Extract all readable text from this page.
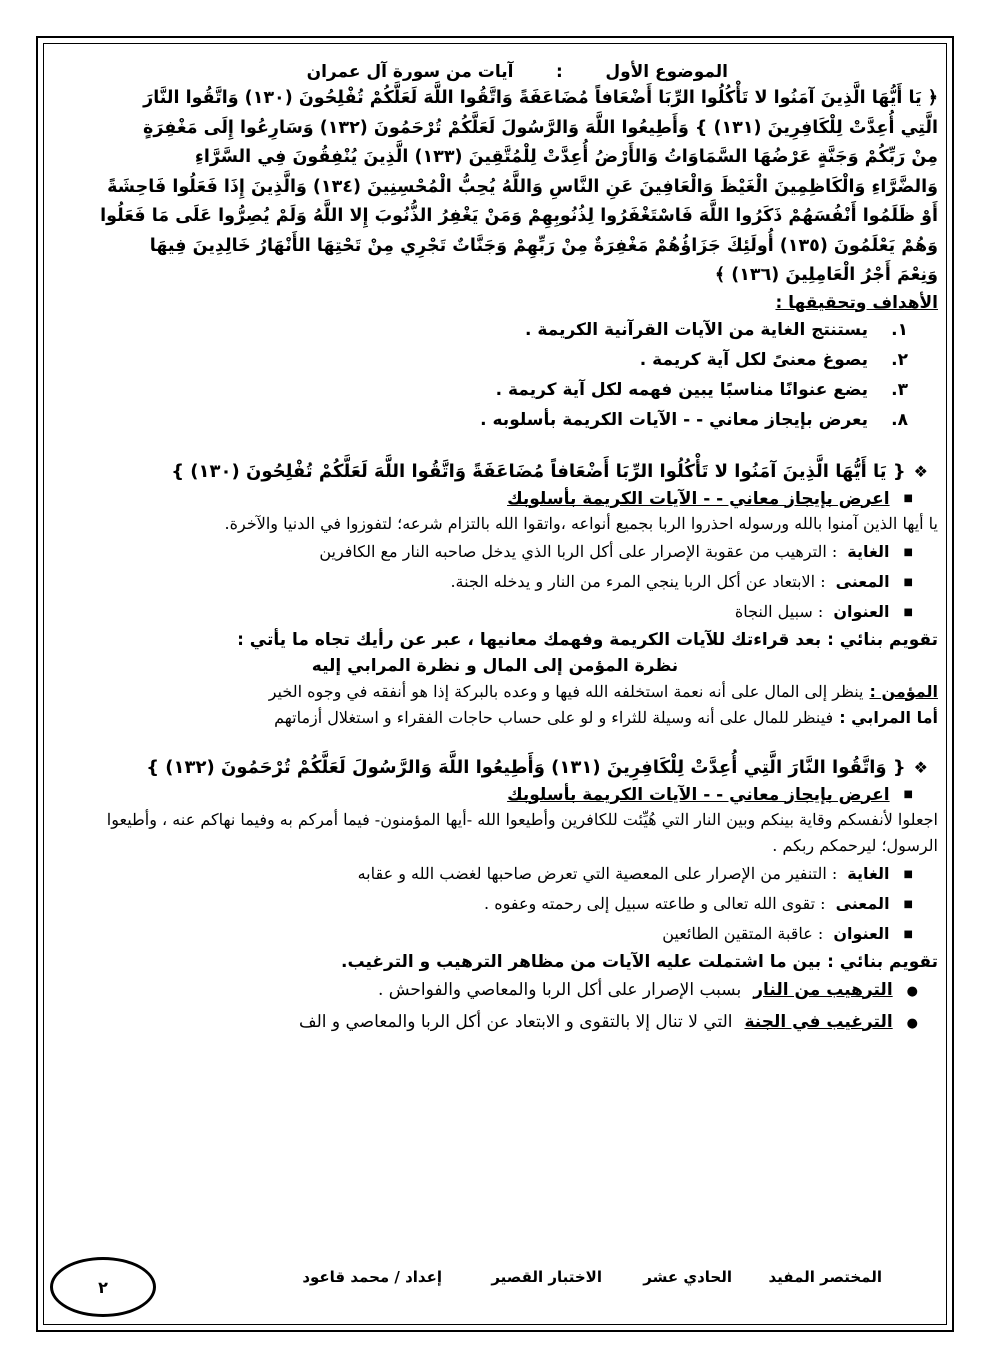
الموضوع الأول : آيات من سورة آل عمران
﴿ يَا أَيُّهَا الَّذِينَ آمَنُوا لا تَأْكُلُوا الرِّبَا أَضْعَافاً مُضَاعَفَةً وَاتَّقُوا اللَّهَ لَعَلَّكُمْ تُفْلِحُونَ (١٣٠) وَاتَّقُوا النَّارَ
الَّتِي أُعِدَّتْ لِلْكَافِرِينَ (١٣١) } وَأَطِيعُوا اللَّهَ وَالرَّسُولَ لَعَلَّكُمْ تُرْحَمُونَ (١٣٢) وَسَارِعُوا إِلَى مَغْفِرَةٍ
مِنْ رَبِّكُمْ وَجَنَّةٍ عَرْضُهَا السَّمَاوَاتُ وَالأَرْضُ أُعِدَّتْ لِلْمُتَّقِينَ (١٣٣) الَّذِينَ يُنْفِقُونَ فِي السَّرَّاءِ
وَالضَّرَّاءِ وَالْكَاظِمِينَ الْغَيْظَ وَالْعَافِينَ عَنِ النَّاسِ وَاللَّهُ يُحِبُّ الْمُحْسِنِينَ (١٣٤) وَالَّذِينَ إِذَا فَعَلُوا فَاحِشَةً
أَوْ ظَلَمُوا أَنْفُسَهُمْ ذَكَرُوا اللَّهَ فَاسْتَغْفَرُوا لِذُنُوبِهِمْ وَمَنْ يَغْفِرُ الذُّنُوبَ إِلا اللَّهُ وَلَمْ يُصِرُّوا عَلَى مَا فَعَلُوا
وَهُمْ يَعْلَمُونَ (١٣٥) أُولَئِكَ جَزَاؤُهُمْ مَغْفِرَةٌ مِنْ رَبِّهِمْ وَجَنَّاتٌ تَجْرِي مِنْ تَحْتِهَا الأَنْهَارُ خَالِدِينَ فِيهَا
وَنِعْمَ أَجْرُ الْعَامِلِينَ (١٣٦) ﴾
الأهداف وتحقيقها :
١.يستنتج الغاية من الآيات القرآنية الكريمة .
٢.يصوغ معنىً لكل آية كريمة .
٣.يضع عنوانًا مناسبًا يبين فهمه لكل آية كريمة .
٨.يعرض بإيجاز معاني - - الآيات الكريمة بأسلوبه .
❖{ يَا أَيُّهَا الَّذِينَ آمَنُوا لا تَأْكُلُوا الرِّبَا أَضْعَافاً مُضَاعَفَةً وَاتَّقُوا اللَّهَ لَعَلَّكُمْ تُفْلِحُونَ (١٣٠) }
■اعرض بإيجاز معاني - - الآيات الكريمة بأسلوبك
يا أيها الذين آمنوا بالله ورسوله احذروا الربا بجميع أنواعه ،واتقوا الله بالتزام شرعه؛ لتفوزوا في الدنيا والآخرة.
■الغاية: الترهيب من عقوبة الإصرار على أكل الربا الذي يدخل صاحبه النار مع الكافرين
■المعنى: الابتعاد عن أكل الربا ينجي المرء من النار و يدخله الجنة.
■العنوان: سبيل النجاة
تقويم بنائي : بعد قراءتك للآيات الكريمة وفهمك معانيها ، عبر عن رأيك تجاه ما يأتي :
نظرة المؤمن إلى المال و نظرة المرابي إليه
المؤمن :ينظر إلى المال على أنه نعمة استخلفه الله فيها و وعده بالبركة إذا هو أنفقه في وجوه الخير
أما المرابي :فينظر للمال على أنه وسيلة للثراء و لو على حساب حاجات الفقراء و استغلال أزماتهم
❖{ وَاتَّقُوا النَّارَ الَّتِي أُعِدَّتْ لِلْكَافِرِينَ (١٣١) وَأَطِيعُوا اللَّهَ وَالرَّسُولَ لَعَلَّكُمْ تُرْحَمُونَ (١٣٢) }
■اعرض بإيجاز معاني - - الآيات الكريمة بأسلوبك
اجعلوا لأنفسكم وقاية بينكم وبين النار التي هُيِّئت للكافرين وأطيعوا الله -أيها المؤمنون- فيما أمركم به وفيما نهاكم عنه ، وأطيعوا الرسول؛ ليرحمكم ربكم .
■الغاية: التنفير من الإصرار على المعصية التي تعرض صاحبها لغضب الله و عقابه
■المعنى: تقوى الله تعالى و طاعته سبيل إلى رحمته وعفوه .
■العنوان: عاقبة المتقين الطائعين
تقويم بنائي : بين ما اشتملت عليه الآيات من مظاهر الترهيب و الترغيب.
●الترهيب من الناربسبب الإصرار على أكل الربا والمعاصي والفواحش .
●الترغيب في الجنةالتي لا تنال إلا بالتقوى و الابتعاد عن أكل الربا والمعاصي و الف
المختصر المفيد
الحادي عشر
الاختبار القصير
إعداد / محمد قاعود
٢
